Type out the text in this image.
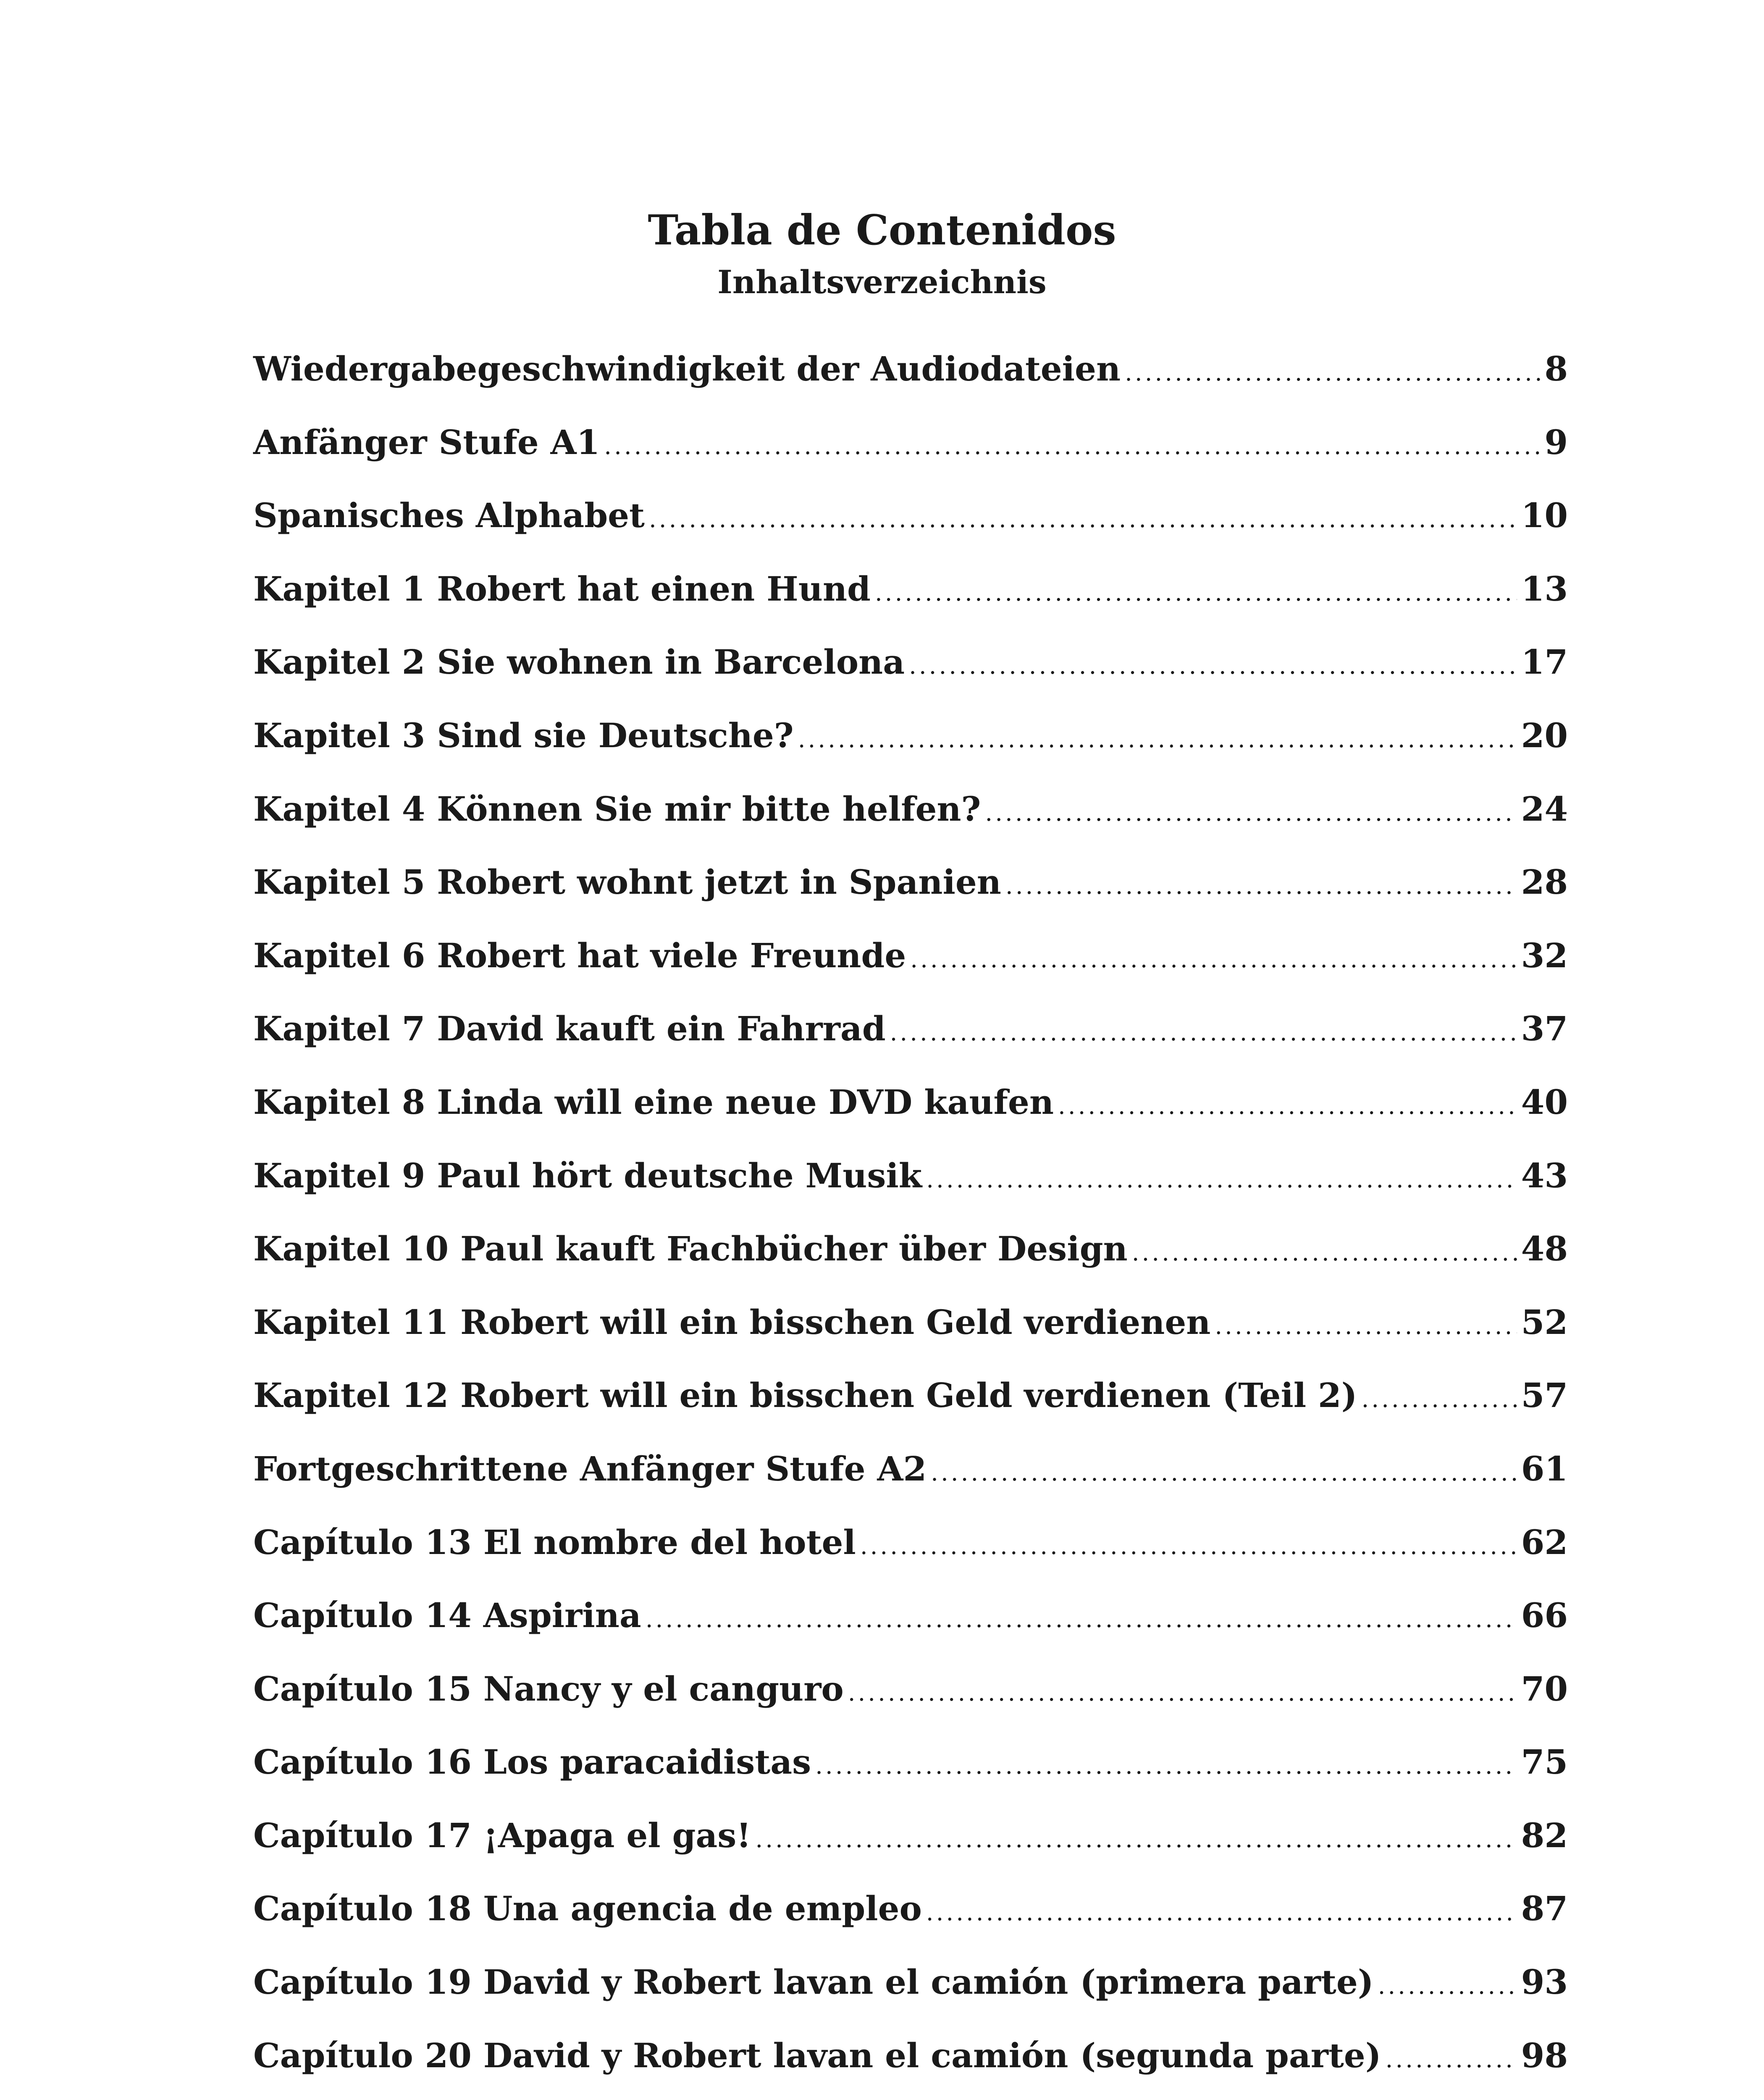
Tabla de Contenidos
Inhaltsverzeichnis
Wiedergabegeschwindigkeit der Audiodateien .....	8
Anfänger Stufe A1 .....	9
Spanisches Alphabet .....	10
Kapitel 1 Robert hat einen Hund .....	13
Kapitel 2 Sie wohnen in Barcelona .....	17
Kapitel 3 Sind sie Deutsche? .....	20
Kapitel 4 Können Sie mir bitte helfen? .....	24
Kapitel 5 Robert wohnt jetzt in Spanien .....	28
Kapitel 6 Robert hat viele Freunde .....	32
Kapitel 7 David kauft ein Fahrrad .....	37
Kapitel 8 Linda will eine neue DVD kaufen .....	40
Kapitel 9 Paul hört deutsche Musik .....	43
Kapitel 10 Paul kauft Fachbücher über Design .....	48
Kapitel 11 Robert will ein bisschen Geld verdienen .....	52
Kapitel 12 Robert will ein bisschen Geld verdienen (Teil 2) .....	57
Fortgeschrittene Anfänger Stufe A2 .....	61
Capítulo 13 El nombre del hotel .....	62
Capítulo 14 Aspirina .....	66
Capítulo 15 Nancy y el canguro .....	70
Capítulo 16 Los paracaidistas .....	75
Capítulo 17 ¡Apaga el gas! .....	82
Capítulo 18 Una agencia de empleo .....	87
Capítulo 19 David y Robert lavan el camión (primera parte) .....	93
Capítulo 20 David y Robert lavan el camión (segunda parte) .....	98
